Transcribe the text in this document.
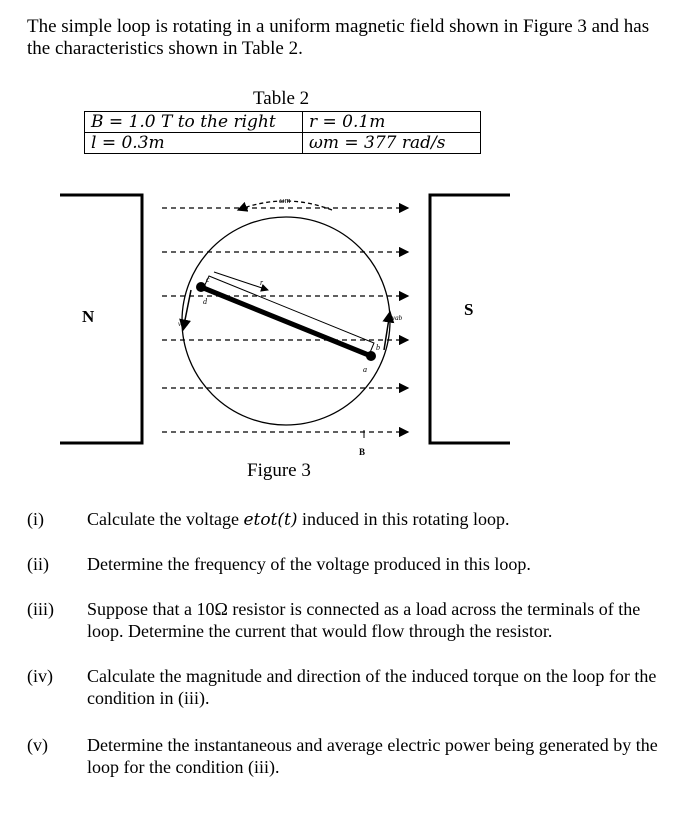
The simple loop is rotating in a uniform magnetic field shown in Figure 3 and has the characteristics shown in Table 2.
Table 2
B = 1.0 T to the right	r = 0.1m
l = 0.3m	ωm = 377 rad/s
N	S
B
ωm
r
d
c
a
b
vcd
vab
Figure 3
(i) Calculate the voltage etot(t) induced in this rotating loop.
(ii) Determine the frequency of the voltage produced in this loop.
(iii) Suppose that a 10Ω resistor is connected as a load across the terminals of the loop. Determine the current that would flow through the resistor.
(iv) Calculate the magnitude and direction of the induced torque on the loop for the condition in (iii).
(v) Determine the instantaneous and average electric power being generated by the loop for the condition (iii).
